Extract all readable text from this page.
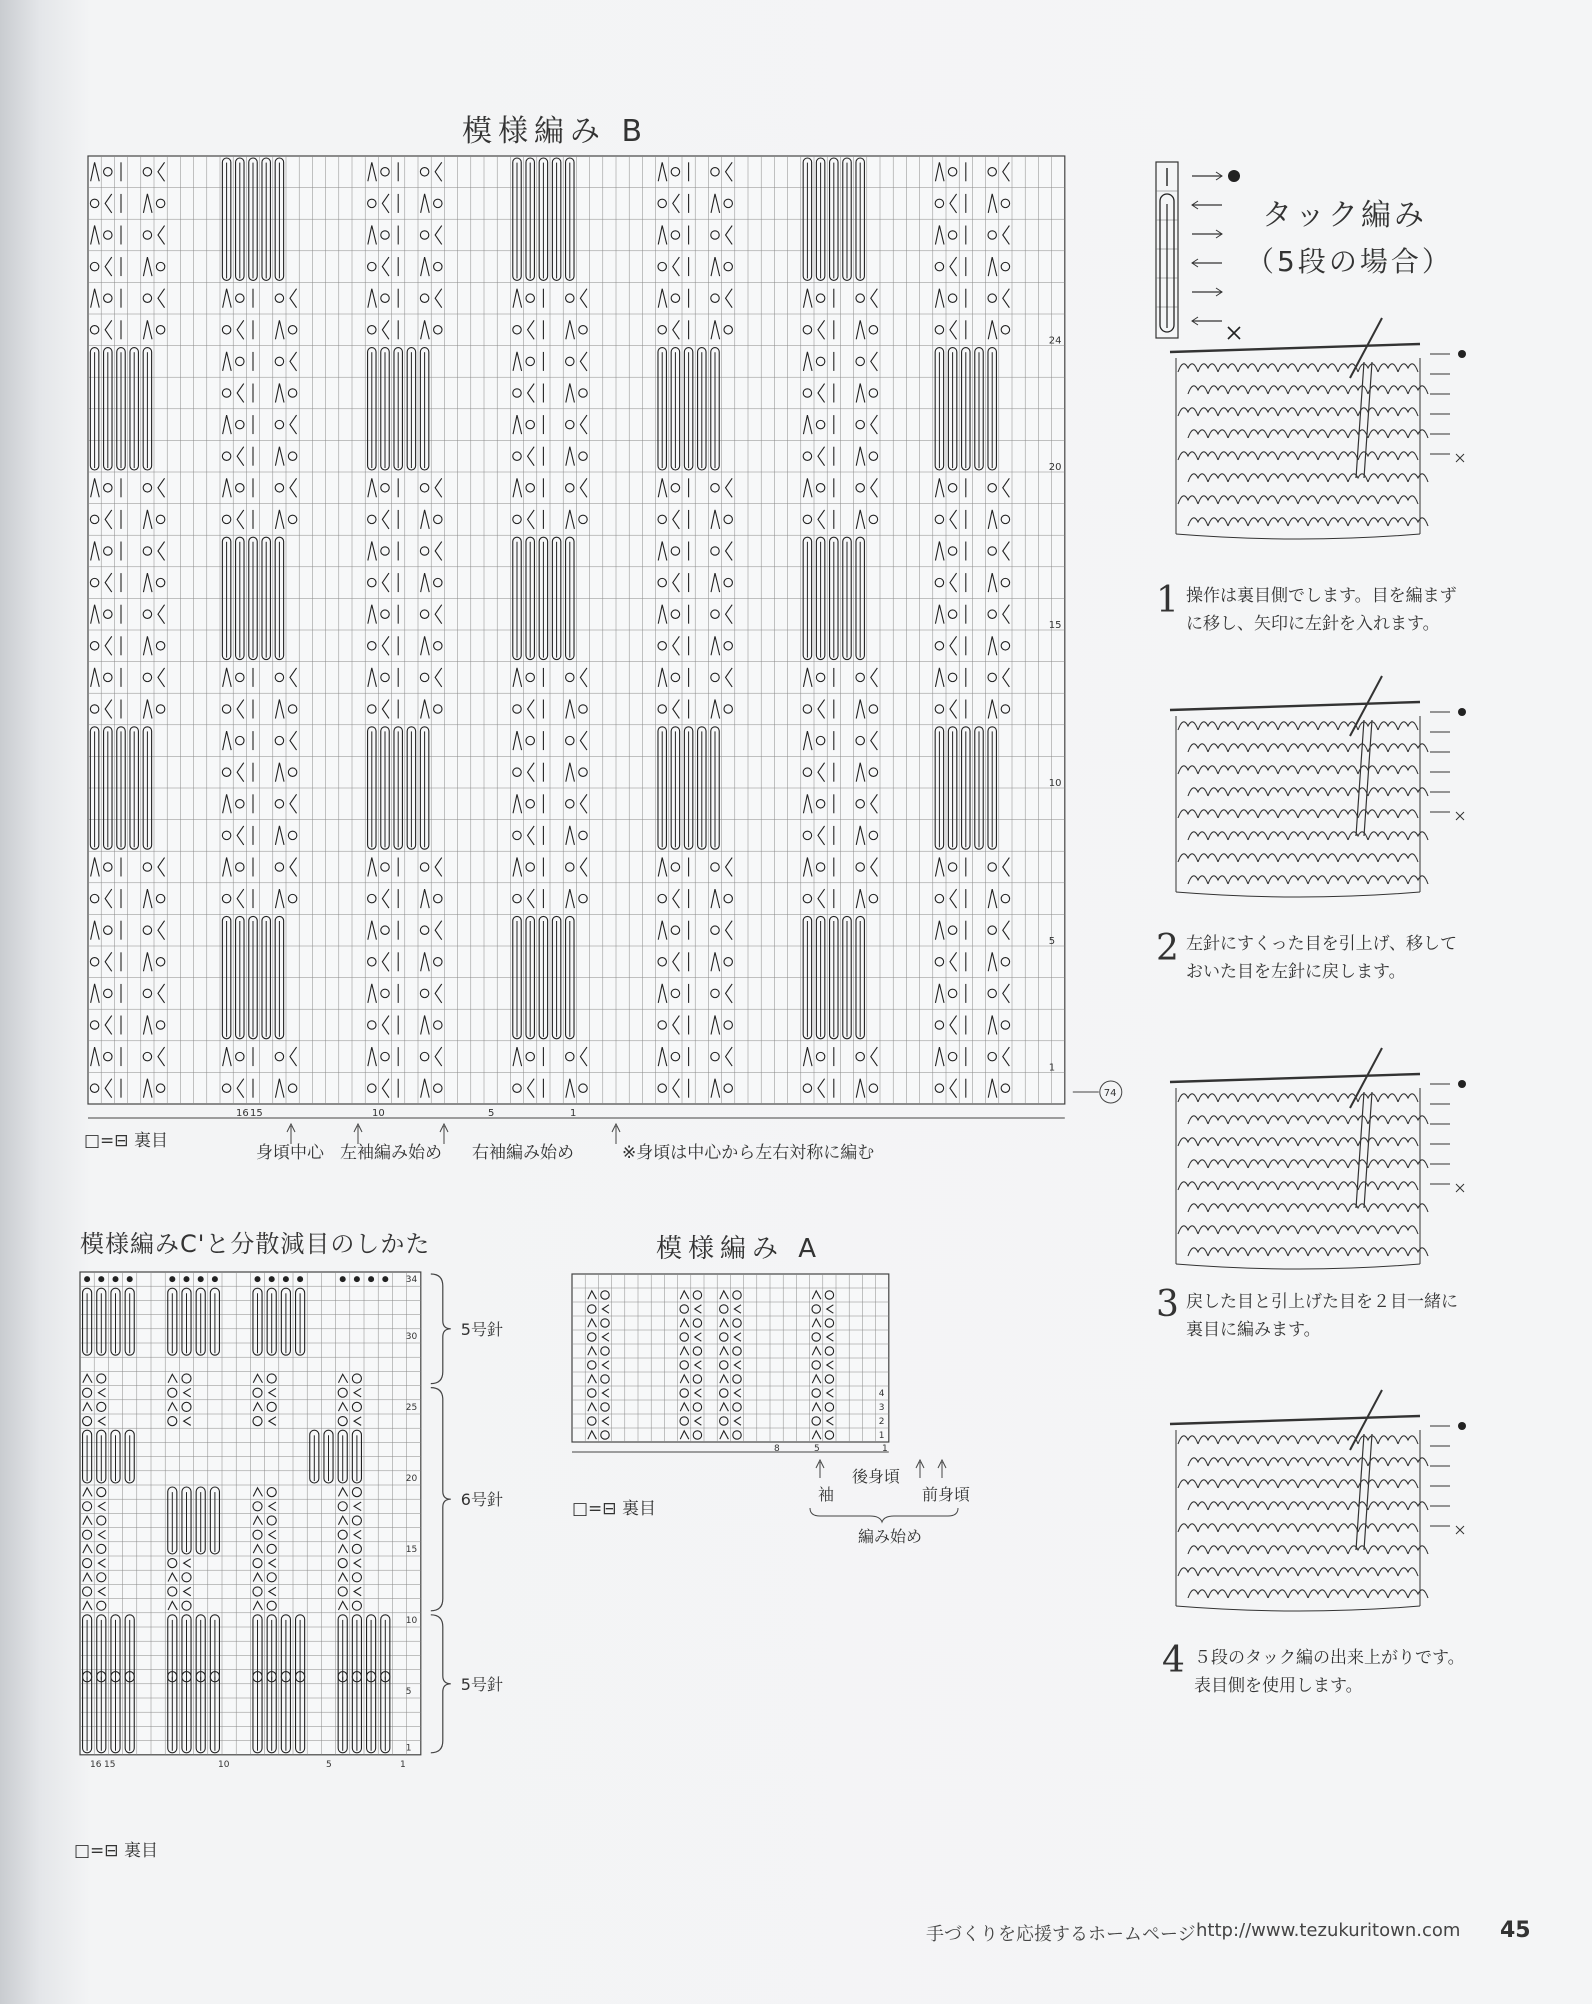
模様編み B
16 15	10	5	1
24
20
15
10
5
1
74
□=⊟ 裏目
身頃中心 左袖編み始め 右袖編み始め	※身頃は中心から左右対称に編む
模様編みC'と分散減目のしかた
5号針
6号針
5号針
34
30
25
20
15
10
5
1
16 15	10	5	1
□=⊟ 裏目
模様編み A
4
3
2
1
8	5	1
袖
後身頃
前身頃
編み始め
□=⊟ 裏目
タック編み
（5段の場合）
1 操作は裏目側でします。目を編まずに移し、矢印に左針を入れます。
2 左針にすくった目を引上げ、移しておいた目を左針に戻します。
3 戻した目と引上げた目を２目一緒に裏目に編みます。
4 ５段のタック編の出来上がりです。表目側を使用します。
手づくりを応援するホームページ http://www.tezukuritown.com 45
